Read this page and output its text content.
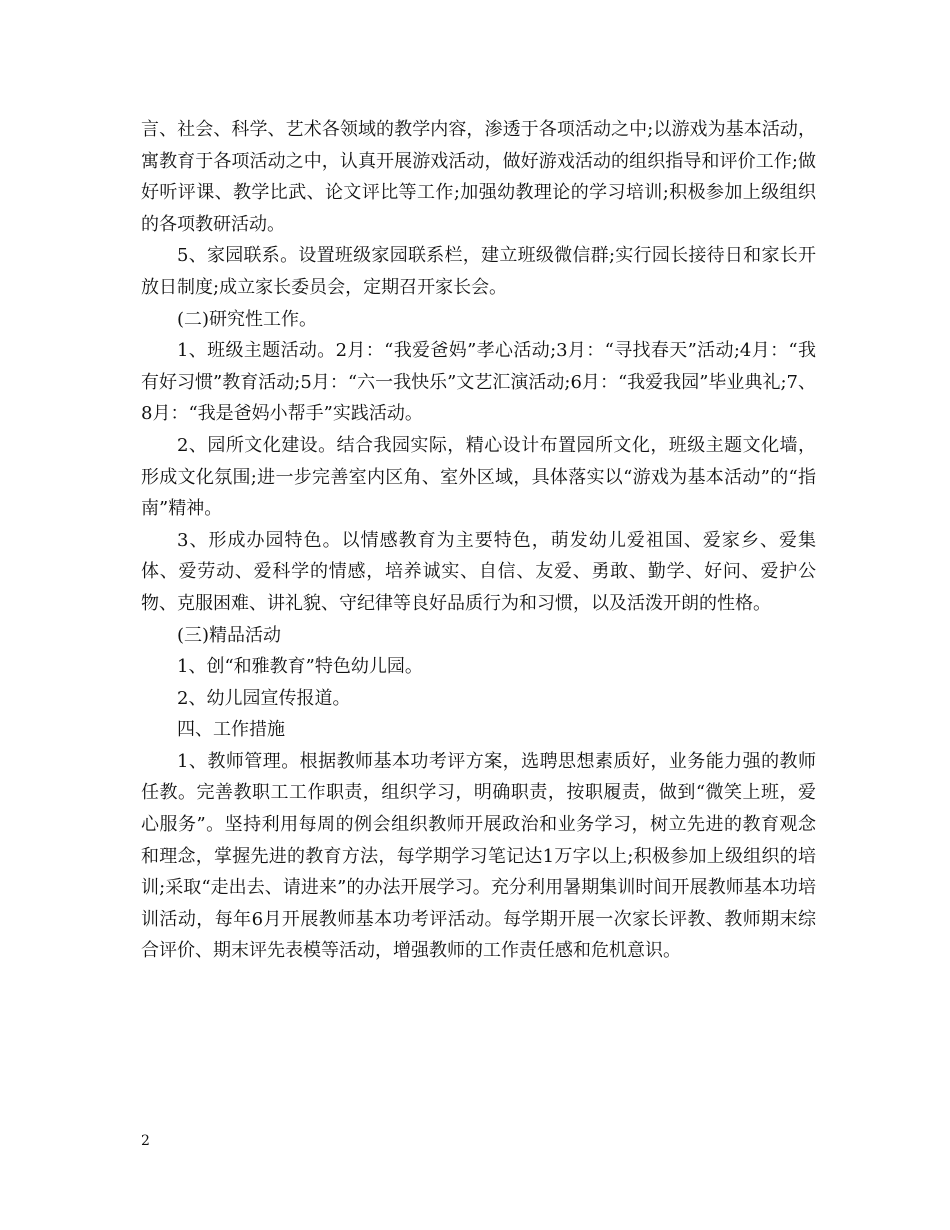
言、社会、科学、艺术各领域的教学内容，渗透于各项活动之中;以游戏为基本活动，寓教育于各项活动之中，认真开展游戏活动，做好游戏活动的组织指导和评价工作;做好听评课、教学比武、论文评比等工作;加强幼教理论的学习培训;积极参加上级组织的各项教研活动。

5、家园联系。设置班级家园联系栏，建立班级微信群;实行园长接待日和家长开放日制度;成立家长委员会，定期召开家长会。

(二)研究性工作。

1、班级主题活动。2月：“我爱爸妈”孝心活动;3月：“寻找春天”活动;4月：“我有好习惯”教育活动;5月：“六一我快乐”文艺汇演活动;6月：“我爱我园”毕业典礼;7、8月：“我是爸妈小帮手”实践活动。

2、园所文化建设。结合我园实际，精心设计布置园所文化，班级主题文化墙，形成文化氛围;进一步完善室内区角、室外区域，具体落实以“游戏为基本活动”的“指南”精神。

3、形成办园特色。以情感教育为主要特色，萌发幼儿爱祖国、爱家乡、爱集体、爱劳动、爱科学的情感，培养诚实、自信、友爱、勇敢、勤学、好问、爱护公物、克服困难、讲礼貌、守纪律等良好品质行为和习惯，以及活泼开朗的性格。

(三)精品活动

1、创“和雅教育”特色幼儿园。

2、幼儿园宣传报道。

四、工作措施

1、教师管理。根据教师基本功考评方案，选聘思想素质好，业务能力强的教师任教。完善教职工工作职责，组织学习，明确职责，按职履责，做到“微笑上班，爱心服务”。坚持利用每周的例会组织教师开展政治和业务学习，树立先进的教育观念和理念，掌握先进的教育方法，每学期学习笔记达1万字以上;积极参加上级组织的培训;采取“走出去、请进来”的办法开展学习。充分利用暑期集训时间开展教师基本功培训活动，每年6月开展教师基本功考评活动。每学期开展一次家长评教、教师期末综合评价、期末评先表模等活动，增强教师的工作责任感和危机意识。

2
